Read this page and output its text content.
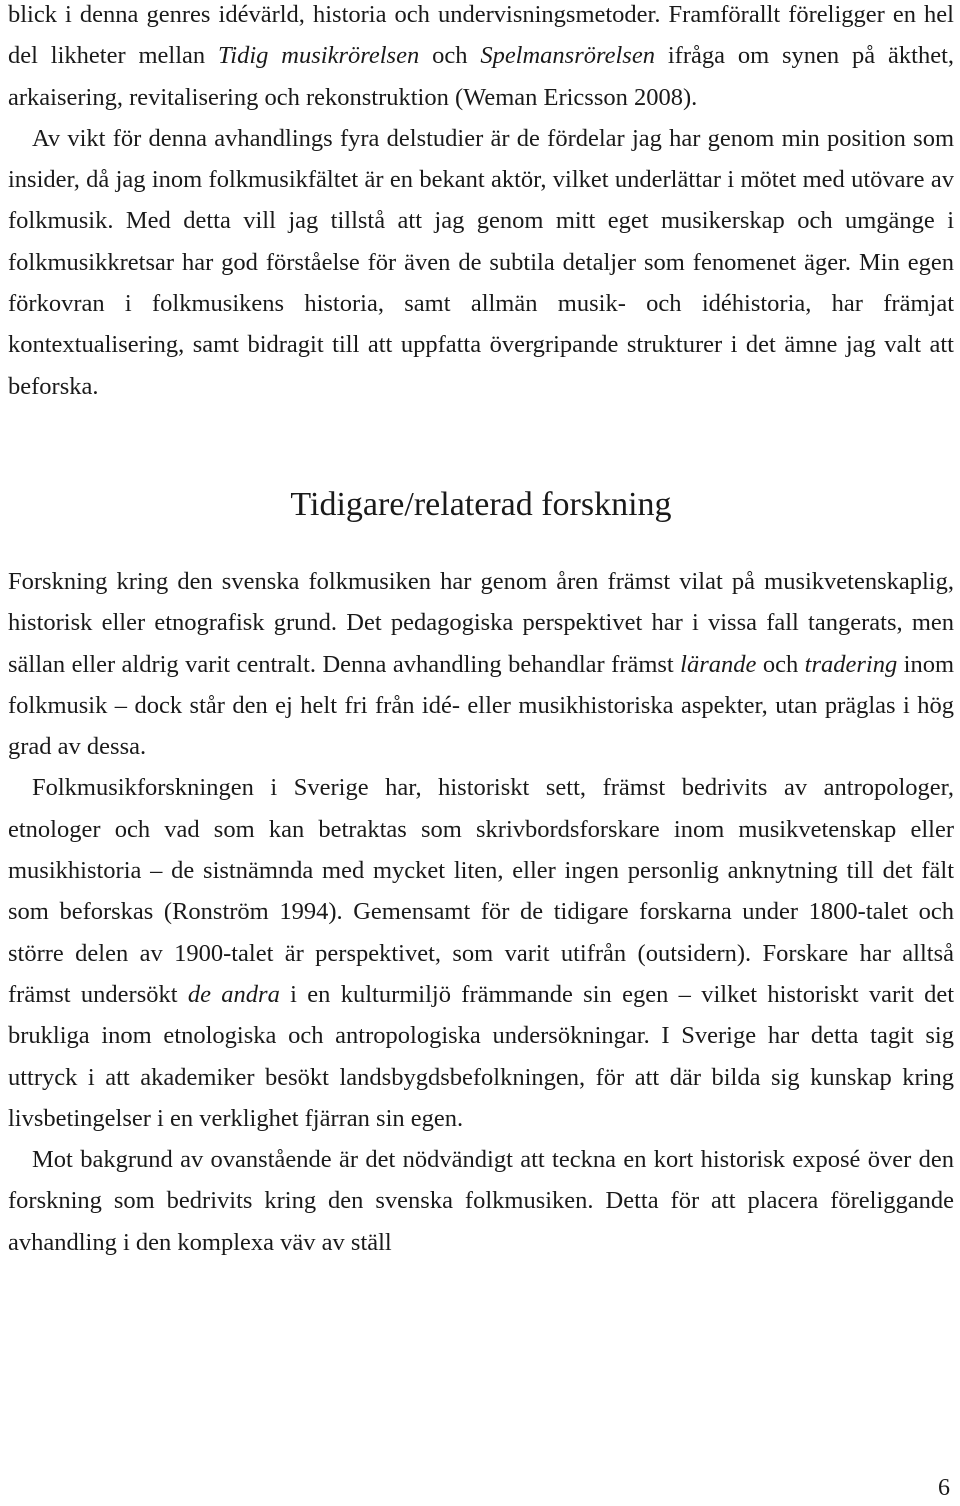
blick i denna genres idévärld, historia och undervisningsmetoder. Framförallt föreligger en hel del likheter mellan Tidig musikrörelsen och Spelmansrörelsen ifråga om synen på äkthet, arkaisering, revitalisering och rekonstruktion (Weman Ericsson 2008).

Av vikt för denna avhandlings fyra delstudier är de fördelar jag har genom min position som insider, då jag inom folkmusikfältet är en bekant aktör, vilket underlättar i mötet med utövare av folkmusik. Med detta vill jag tillstå att jag genom mitt eget musikerskap och umgänge i folkmusikkretsar har god förståelse för även de subtila detaljer som fenomenet äger. Min egen förkovran i folkmusikens historia, samt allmän musik- och idéhistoria, har främjat kontextualisering, samt bidragit till att uppfatta övergripande strukturer i det ämne jag valt att beforska.

Tidigare/relaterad forskning

Forskning kring den svenska folkmusiken har genom åren främst vilat på musikvetenskaplig, historisk eller etnografisk grund. Det pedagogiska perspektivet har i vissa fall tangerats, men sällan eller aldrig varit centralt. Denna avhandling behandlar främst lärande och tradering inom folkmusik – dock står den ej helt fri från idé- eller musikhistoriska aspekter, utan präglas i hög grad av dessa.

Folkmusikforskningen i Sverige har, historiskt sett, främst bedrivits av antropologer, etnologer och vad som kan betraktas som skrivbordsforskare inom musikvetenskap eller musikhistoria – de sistnämnda med mycket liten, eller ingen personlig anknytning till det fält som beforskas (Ronström 1994). Gemensamt för de tidigare forskarna under 1800-talet och större delen av 1900-talet är perspektivet, som varit utifrån (outsidern). Forskare har alltså främst undersökt de andra i en kulturmiljö främmande sin egen – vilket historiskt varit det brukliga inom etnologiska och antropologiska undersökningar. I Sverige har detta tagit sig uttryck i att akademiker besökt landsbygdsbefolkningen, för att där bilda sig kunskap kring livsbetingelser i en verklighet fjärran sin egen.

Mot bakgrund av ovanstående är det nödvändigt att teckna en kort historisk exposé över den forskning som bedrivits kring den svenska folkmusiken. Detta för att placera föreliggande avhandling i den komplexa väv av ställ

6
